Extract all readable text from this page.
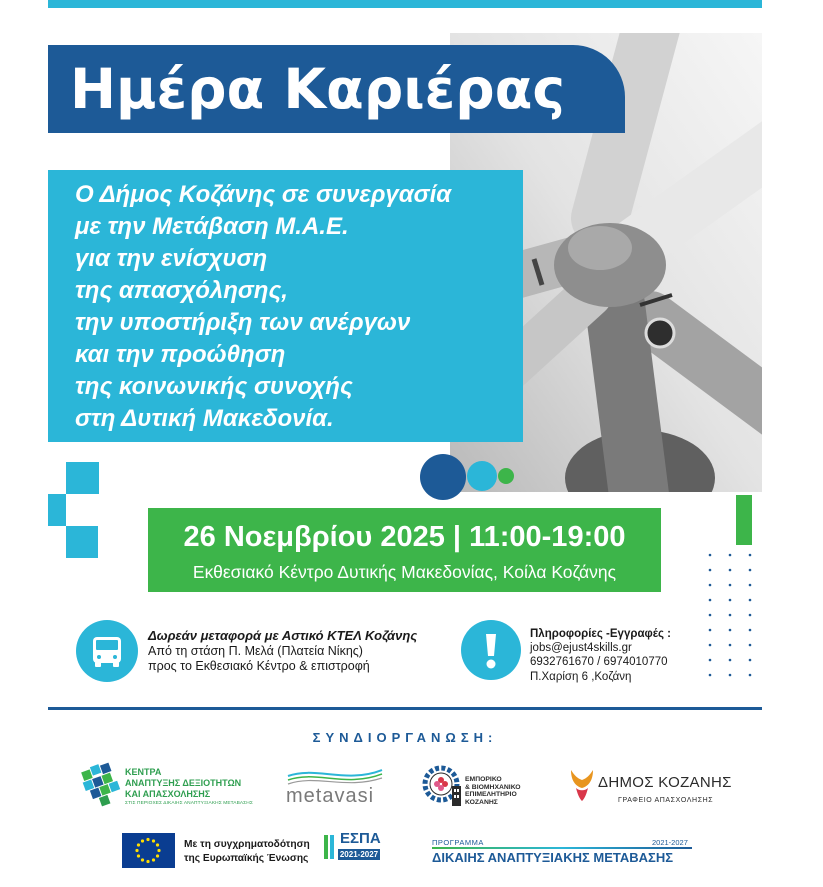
Ημέρα Καριέρας
Ο Δήμος Κοζάνης σε συνεργασία
με την Μετάβαση Μ.Α.Ε.
για την ενίσχυση
της απασχόλησης,
την υποστήριξη των ανέργων
και την προώθηση
της κοινωνικής συνοχής
στη Δυτική Μακεδονία.
26 Νοεμβρίου 2025 | 11:00-19:00
Εκθεσιακό Κέντρο Δυτικής Μακεδονίας, Κοίλα Κοζάνης
Δωρεάν μεταφορά με Αστικό ΚΤΕΛ Κοζάνης
Από τη στάση Π. Μελά (Πλατεία Νίκης)
προς το Εκθεσιακό Κέντρο & επιστροφή
Πληροφορίες -Εγγραφές :
jobs@ejust4skills.gr
6932761670 / 6974010770
Π.Χαρίση 6 ,Κοζάνη
ΣΥΝΔΙΟΡΓΑΝΩΣΗ:
ΚΕΝΤΡΑ
ΑΝΑΠΤΥΞΗΣ ΔΕΞΙΟΤΗΤΩΝ
ΚΑΙ ΑΠΑΣΧΟΛΗΣΗΣ
ΣΤΙΣ ΠΕΡΙΟΧΕΣ ΔΙΚΑΙΗΣ ΑΝΑΠΤΥΞΙΑΚΗΣ ΜΕΤΑΒΑΣΗΣ metavasi
ΕΜΠΟΡΙΚΟ
& ΒΙΟΜΗΧΑΝΙΚΟ
ΕΠΙΜΕΛΗΤΗΡΙΟ
ΚΟΖΑΝΗΣ
ΔΗΜΟΣ ΚΟΖΑΝΗΣ
ΓΡΑΦΕΙΟ ΑΠΑΣΧΟΛΗΣΗΣ
Με τη συγχρηματοδότηση
της Ευρωπαϊκής Ένωσης
ΕΣΠΑ
2021-2027
ΠΡΟΓΡΑΜΜΑ	2021-2027
ΔΙΚΑΙΗΣ ΑΝΑΠΤΥΞΙΑΚΗΣ ΜΕΤΑΒΑΣΗΣ
